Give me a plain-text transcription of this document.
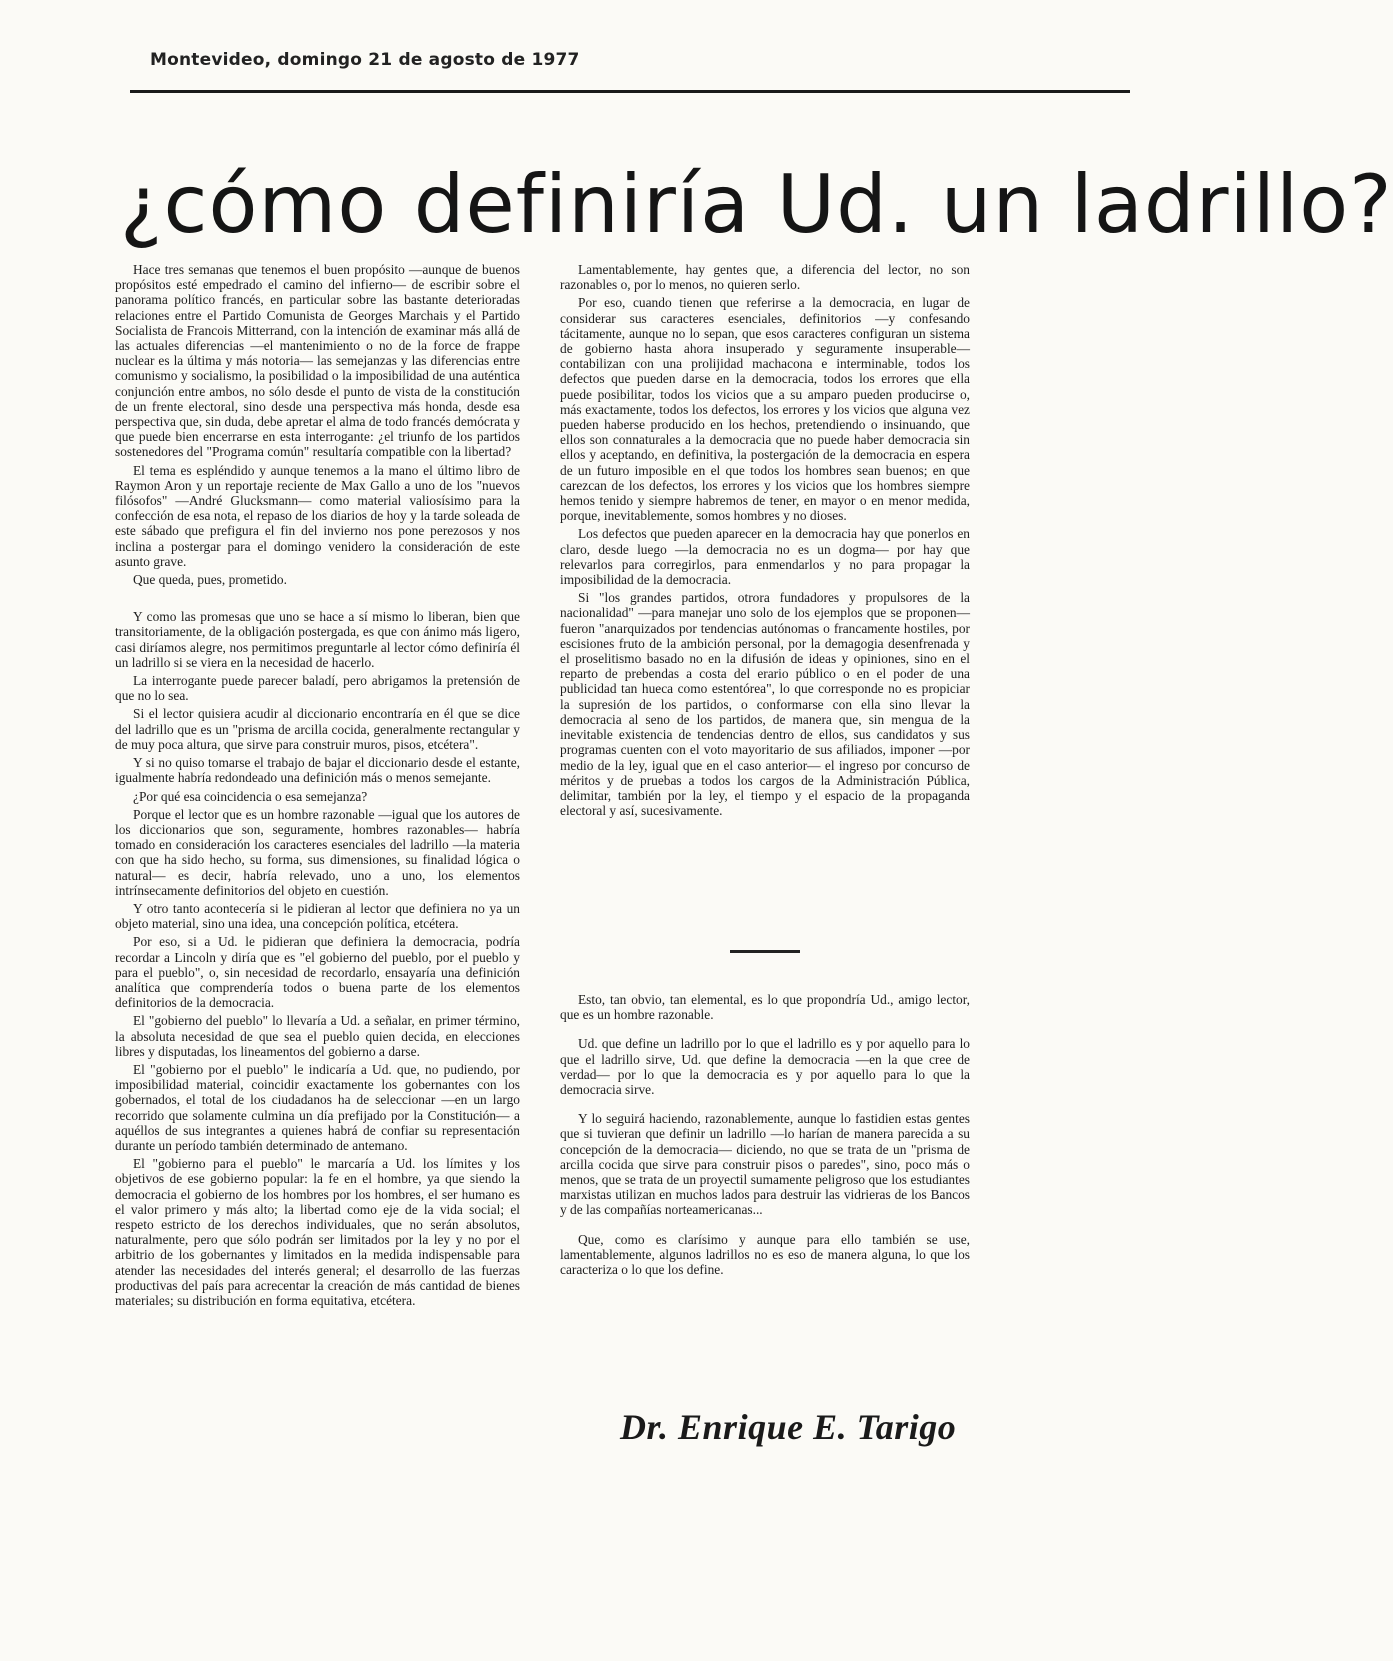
Montevideo, domingo 21 de agosto de 1977
¿cómo definiría Ud. un ladrillo?

Hace tres semanas que tenemos el buen propósito —aunque de buenos propósitos esté empedrado el camino del infierno— de escribir sobre el panorama político francés, en particular sobre las bastante deterioradas relaciones entre el Partido Comunista de Georges Marchais y el Partido Socialista de Francois Mitterrand, con la intención de examinar más allá de las actuales diferencias —el mantenimiento o no de la force de frappe nuclear es la última y más notoria— las semejanzas y las diferencias entre comunismo y socialismo, la posibilidad o la imposibilidad de una auténtica conjunción entre ambos, no sólo desde el punto de vista de la constitución de un frente electoral, sino desde una perspectiva más honda, desde esa perspectiva que, sin duda, debe apretar el alma de todo francés demócrata y que puede bien encerrarse en esta interrogante: ¿el triunfo de los partidos sostenedores del "Programa común" resultaría compatible con la libertad?

El tema es espléndido y aunque tenemos a la mano el último libro de Raymon Aron y un reportaje reciente de Max Gallo a uno de los "nuevos filósofos" —André Glucksmann— como material valiosísimo para la confección de esa nota, el repaso de los diarios de hoy y la tarde soleada de este sábado que prefigura el fin del invierno nos pone perezosos y nos inclina a postergar para el domingo venidero la consideración de este asunto grave.

Que queda, pues, prometido.

Y como las promesas que uno se hace a sí mismo lo liberan, bien que transitoriamente, de la obligación postergada, es que con ánimo más ligero, casi diríamos alegre, nos permitimos preguntarle al lector cómo definiría él un ladrillo si se viera en la necesidad de hacerlo.

La interrogante puede parecer baladí, pero abrigamos la pretensión de que no lo sea.

Si el lector quisiera acudir al diccionario encontraría en él que se dice del ladrillo que es un "prisma de arcilla cocida, generalmente rectangular y de muy poca altura, que sirve para construir muros, pisos, etcétera".

Y si no quiso tomarse el trabajo de bajar el diccionario desde el estante, igualmente habría redondeado una definición más o menos semejante.

¿Por qué esa coincidencia o esa semejanza?

Porque el lector que es un hombre razonable —igual que los autores de los diccionarios que son, seguramente, hombres razonables— habría tomado en consideración los caracteres esenciales del ladrillo —la materia con que ha sido hecho, su forma, sus dimensiones, su finalidad lógica o natural— es decir, habría relevado, uno a uno, los elementos intrínsecamente definitorios del objeto en cuestión.

Y otro tanto acontecería si le pidieran al lector que definiera no ya un objeto material, sino una idea, una concepción política, etcétera.

Por eso, si a Ud. le pidieran que definiera la democracia, podría recordar a Lincoln y diría que es "el gobierno del pueblo, por el pueblo y para el pueblo", o, sin necesidad de recordarlo, ensayaría una definición analítica que comprendería todos o buena parte de los elementos definitorios de la democracia.

El "gobierno del pueblo" lo llevaría a Ud. a señalar, en primer término, la absoluta necesidad de que sea el pueblo quien decida, en elecciones libres y disputadas, los lineamentos del gobierno a darse.

El "gobierno por el pueblo" le indicaría a Ud. que, no pudiendo, por imposibilidad material, coincidir exactamente los gobernantes con los gobernados, el total de los ciudadanos ha de seleccionar —en un largo recorrido que solamente culmina un día prefijado por la Constitución— a aquéllos de sus integrantes a quienes habrá de confiar su representación durante un período también determinado de antemano.

El "gobierno para el pueblo" le marcaría a Ud. los límites y los objetivos de ese gobierno popular: la fe en el hombre, ya que siendo la democracia el gobierno de los hombres por los hombres, el ser humano es el valor primero y más alto; la libertad como eje de la vida social; el respeto estricto de los derechos individuales, que no serán absolutos, naturalmente, pero que sólo podrán ser limitados por la ley y no por el arbitrio de los gobernantes y limitados en la medida indispensable para atender las necesidades del interés general; el desarrollo de las fuerzas productivas del país para acrecentar la creación de más cantidad de bienes materiales; su distribución en forma equitativa, etcétera.

Lamentablemente, hay gentes que, a diferencia del lector, no son razonables o, por lo menos, no quieren serlo.

Por eso, cuando tienen que referirse a la democracia, en lugar de considerar sus caracteres esenciales, definitorios —y confesando tácitamente, aunque no lo sepan, que esos caracteres configuran un sistema de gobierno hasta ahora insuperado y seguramente insuperable— contabilizan con una prolijidad machacona e interminable, todos los defectos que pueden darse en la democracia, todos los errores que ella puede posibilitar, todos los vicios que a su amparo pueden producirse o, más exactamente, todos los defectos, los errores y los vicios que alguna vez pueden haberse producido en los hechos, pretendiendo o insinuando, que ellos son connaturales a la democracia que no puede haber democracia sin ellos y aceptando, en definitiva, la postergación de la democracia en espera de un futuro imposible en el que todos los hombres sean buenos; en que carezcan de los defectos, los errores y los vicios que los hombres siempre hemos tenido y siempre habremos de tener, en mayor o en menor medida, porque, inevitablemente, somos hombres y no dioses.

Los defectos que pueden aparecer en la democracia hay que ponerlos en claro, desde luego —la democracia no es un dogma— por hay que relevarlos para corregirlos, para enmendarlos y no para propagar la imposibilidad de la democracia.

Si "los grandes partidos, otrora fundadores y propulsores de la nacionalidad" —para manejar uno solo de los ejemplos que se proponen— fueron "anarquizados por tendencias autónomas o francamente hostiles, por escisiones fruto de la ambición personal, por la demagogia desenfrenada y el proselitismo basado no en la difusión de ideas y opiniones, sino en el reparto de prebendas a costa del erario público o en el poder de una publicidad tan hueca como estentórea", lo que corresponde no es propiciar la supresión de los partidos, o conformarse con ella sino llevar la democracia al seno de los partidos, de manera que, sin mengua de la inevitable existencia de tendencias dentro de ellos, sus candidatos y sus programas cuenten con el voto mayoritario de sus afiliados, imponer —por medio de la ley, igual que en el caso anterior— el ingreso por concurso de méritos y de pruebas a todos los cargos de la Administración Pública, delimitar, también por la ley, el tiempo y el espacio de la propaganda electoral y así, sucesivamente.

Esto, tan obvio, tan elemental, es lo que propondría Ud., amigo lector, que es un hombre razonable.

Ud. que define un ladrillo por lo que el ladrillo es y por aquello para lo que el ladrillo sirve, Ud. que define la democracia —en la que cree de verdad— por lo que la democracia es y por aquello para lo que la democracia sirve.

Y lo seguirá haciendo, razonablemente, aunque lo fastidien estas gentes que si tuvieran que definir un ladrillo —lo harían de manera parecida a su concepción de la democracia— diciendo, no que se trata de un "prisma de arcilla cocida que sirve para construir pisos o paredes", sino, poco más o menos, que se trata de un proyectil sumamente peligroso que los estudiantes marxistas utilizan en muchos lados para destruir las vidrieras de los Bancos y de las compañías norteamericanas...

Que, como es clarísimo y aunque para ello también se use, lamentablemente, algunos ladrillos no es eso de manera alguna, lo que los caracteriza o lo que los define.

Dr. Enrique E. Tarigo
